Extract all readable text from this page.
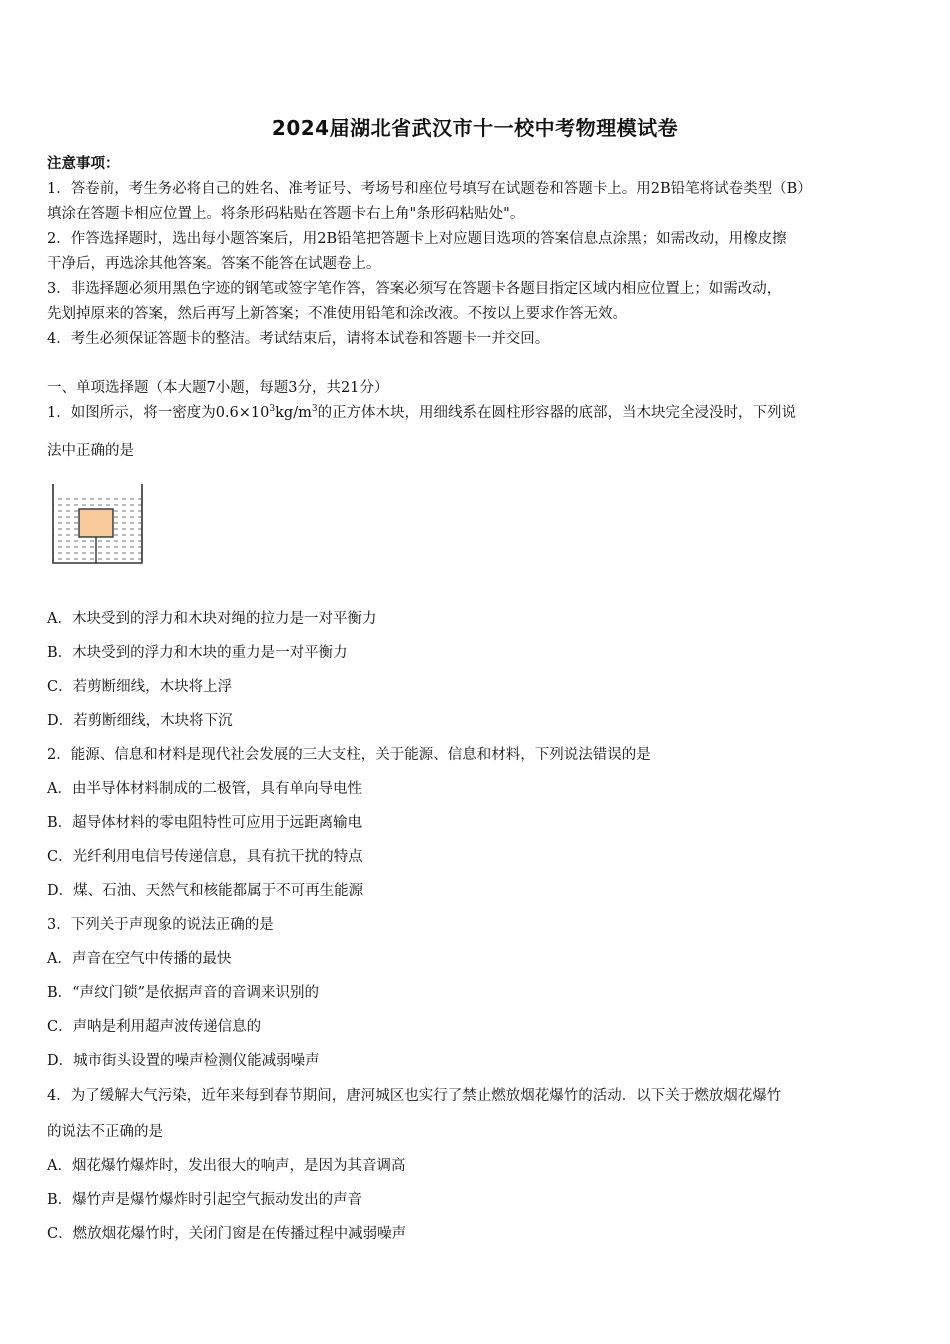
2024届湖北省武汉市十一校中考物理模试卷
注意事项：
1．答卷前，考生务必将自己的姓名、准考证号、考场号和座位号填写在试题卷和答题卡上。用2B铅笔将试卷类型（B）
填涂在答题卡相应位置上。将条形码粘贴在答题卡右上角"条形码粘贴处"。
2．作答选择题时，选出每小题答案后，用2B铅笔把答题卡上对应题目选项的答案信息点涂黑；如需改动，用橡皮擦
干净后，再选涂其他答案。答案不能答在试题卷上。
3．非选择题必须用黑色字迹的钢笔或签字笔作答，答案必须写在答题卡各题目指定区域内相应位置上；如需改动，
先划掉原来的答案，然后再写上新答案；不准使用铅笔和涂改液。不按以上要求作答无效。
4．考生必须保证答题卡的整洁。考试结束后，请将本试卷和答题卡一并交回。
一、单项选择题（本大题7小题，每题3分，共21分）
1．如图所示，将一密度为$0.6\times 10^3kg/m^3$的正方体木块，用细线系在圆柱形容器的底部，当木块完全浸没时，下列说
法中正确的是
A．木块受到的浮力和木块对绳的拉力是一对平衡力
B．木块受到的浮力和木块的重力是一对平衡力
C．若剪断细线，木块将上浮
D．若剪断细线，木块将下沉
2．能源、信息和材料是现代社会发展的三大支柱，关于能源、信息和材料，下列说法错误的是
A．由半导体材料制成的二极管，具有单向导电性
B．超导体材料的零电阻特性可应用于远距离输电
C．光纤利用电信号传递信息，具有抗干扰的特点
D．煤、石油、天然气和核能都属于不可再生能源
3．下列关于声现象的说法正确的是
A．声音在空气中传播的最快
B．“声纹门锁”是依据声音的音调来识别的
C．声呐是利用超声波传递信息的
D．城市街头设置的噪声检测仪能减弱噪声
4．为了缓解大气污染，近年来每到春节期间，唐河城区也实行了禁止燃放烟花爆竹的活动．以下关于燃放烟花爆竹
的说法不正确的是
A．烟花爆竹爆炸时，发出很大的响声，是因为其音调高
B．爆竹声是爆竹爆炸时引起空气振动发出的声音
C．燃放烟花爆竹时，关闭门窗是在传播过程中减弱噪声
